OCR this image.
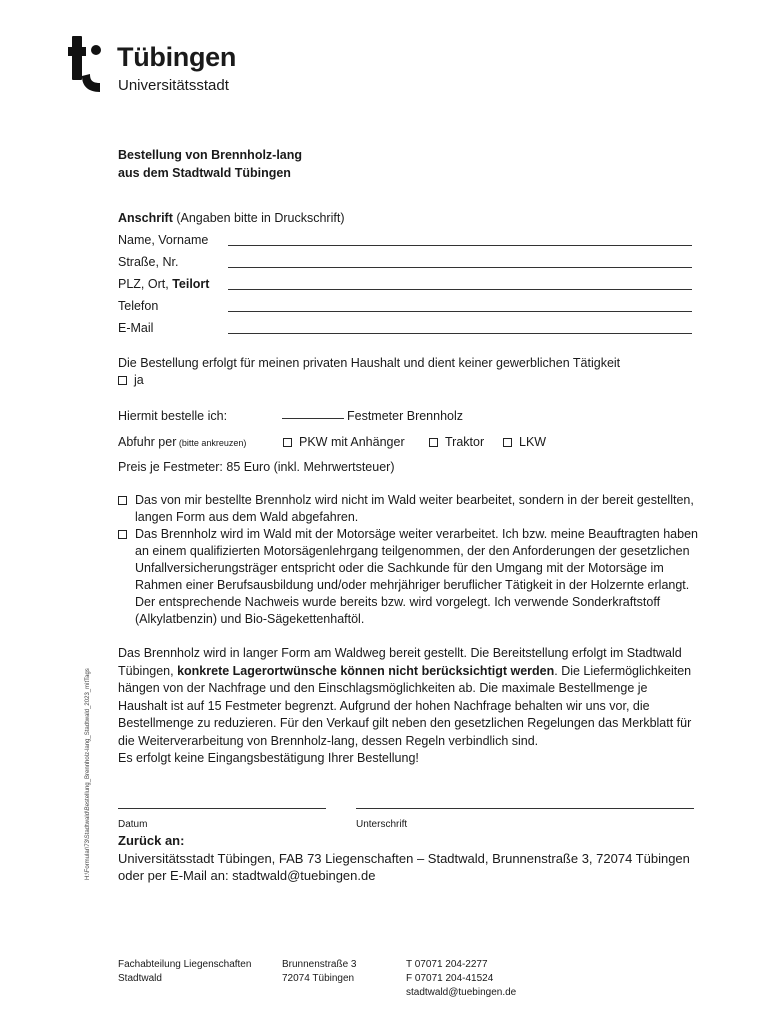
Tübingen
Universitätsstadt
Bestellung von Brennholz-lang
aus dem Stadtwald Tübingen
Anschrift (Angaben bitte in Druckschrift)
Name, Vorname
Straße, Nr.
PLZ, Ort, Teilort
Telefon
E-Mail
Die Bestellung erfolgt für meinen privaten Haushalt und dient keiner gewerblichen Tätigkeit
ja
Hiermit bestelle ich:	Festmeter Brennholz
Abfuhr per (bitte ankreuzen)	PKW mit Anhänger	Traktor	LKW
Preis je Festmeter: 85 Euro (inkl. Mehrwertsteuer)
Das von mir bestellte Brennholz wird nicht im Wald weiter bearbeitet, sondern in der bereit gestellten, langen Form aus dem Wald abgefahren.
Das Brennholz wird im Wald mit der Motorsäge weiter verarbeitet. Ich bzw. meine Beauftragten haben an einem qualifizierten Motorsägenlehrgang teilgenommen, der den Anforderungen der gesetzlichen Unfallversicherungsträger entspricht oder die Sachkunde für den Umgang mit der Motorsäge im Rahmen einer Berufsausbildung und/oder mehrjähriger beruflicher Tätigkeit in der Holzernte erlangt. Der entsprechende Nachweis wurde bereits bzw. wird vorgelegt. Ich verwende Sonderkraftstoff (Alkylatbenzin) und Bio-Sägekettenhaftöl.
Das Brennholz wird in langer Form am Waldweg bereit gestellt. Die Bereitstellung erfolgt im Stadtwald Tübingen, konkrete Lagerortwünsche können nicht berücksichtigt werden. Die Liefermöglichkeiten hängen von der Nachfrage und den Einschlagsmöglichkeiten ab. Die maximale Bestellmenge je Haushalt ist auf 15 Festmeter begrenzt. Aufgrund der hohen Nachfrage behalten wir uns vor, die Bestellmenge zu reduzieren. Für den Verkauf gilt neben den gesetzlichen Regelungen das Merkblatt für die Weiterverarbeitung von Brennholz-lang, dessen Regeln verbindlich sind.
Es erfolgt keine Eingangsbestätigung Ihrer Bestellung!
H:\Formular\73\Stadtwald\Bestellung_Brennholz-lang_Stadtwald_2023_mitTags	Datum	Unterschrift
Zurück an:
Universitätsstadt Tübingen, FAB 73 Liegenschaften – Stadtwald, Brunnenstraße 3, 72074 Tübingen
oder per E-Mail an: stadtwald@tuebingen.de
Fachabteilung Liegenschaften
Stadtwald
Brunnenstraße 3
72074 Tübingen
T 07071 204-2277
F 07071 204-41524
stadtwald@tuebingen.de
